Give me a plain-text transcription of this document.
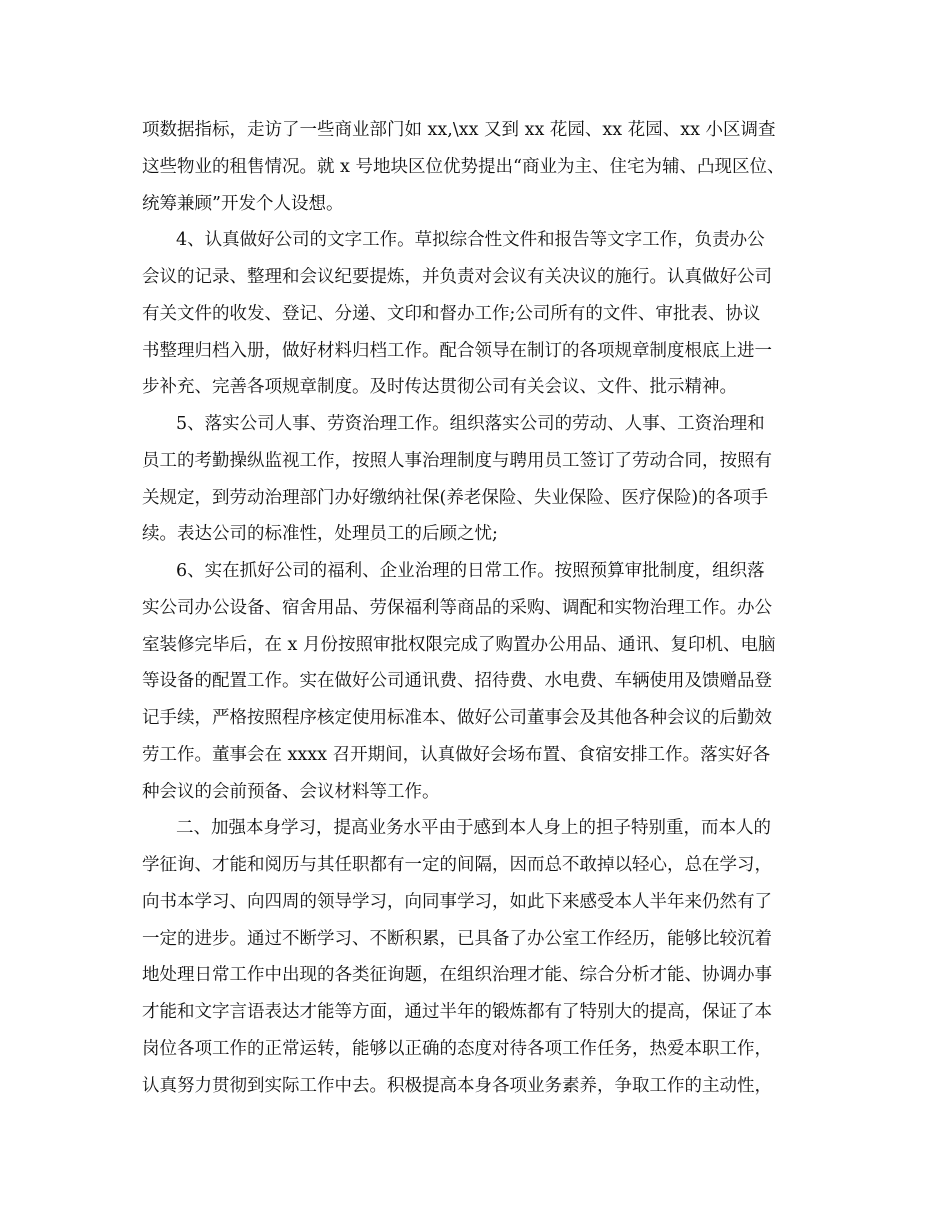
项数据指标，走访了一些商业部门如 xx,\xx 又到 xx 花园、xx 花园、xx 小区调查
这些物业的租售情况。就 x 号地块区位优势提出“商业为主、住宅为辅、凸现区位、
统筹兼顾”开发个人设想。
4、认真做好公司的文字工作。草拟综合性文件和报告等文字工作，负责办公
会议的记录、整理和会议纪要提炼，并负责对会议有关决议的施行。认真做好公司
有关文件的收发、登记、分递、文印和督办工作;公司所有的文件、审批表、协议
书整理归档入册，做好材料归档工作。配合领导在制订的各项规章制度根底上进一
步补充、完善各项规章制度。及时传达贯彻公司有关会议、文件、批示精神。
5、落实公司人事、劳资治理工作。组织落实公司的劳动、人事、工资治理和
员工的考勤操纵监视工作，按照人事治理制度与聘用员工签订了劳动合同，按照有
关规定，到劳动治理部门办好缴纳社保(养老保险、失业保险、医疗保险)的各项手
续。表达公司的标准性，处理员工的后顾之忧;
6、实在抓好公司的福利、企业治理的日常工作。按照预算审批制度，组织落
实公司办公设备、宿舍用品、劳保福利等商品的采购、调配和实物治理工作。办公
室装修完毕后，在 x 月份按照审批权限完成了购置办公用品、通讯、复印机、电脑
等设备的配置工作。实在做好公司通讯费、招待费、水电费、车辆使用及馈赠品登
记手续，严格按照程序核定使用标准本、做好公司董事会及其他各种会议的后勤效
劳工作。董事会在 xxxx 召开期间，认真做好会场布置、食宿安排工作。落实好各
种会议的会前预备、会议材料等工作。
二、加强本身学习，提高业务水平由于感到本人身上的担子特别重，而本人的
学征询、才能和阅历与其任职都有一定的间隔，因而总不敢掉以轻心，总在学习，
向书本学习、向四周的领导学习，向同事学习，如此下来感受本人半年来仍然有了
一定的进步。通过不断学习、不断积累，已具备了办公室工作经历，能够比较沉着
地处理日常工作中出现的各类征询题，在组织治理才能、综合分析才能、协调办事
才能和文字言语表达才能等方面，通过半年的锻炼都有了特别大的提高，保证了本
岗位各项工作的正常运转，能够以正确的态度对待各项工作任务，热爱本职工作，
认真努力贯彻到实际工作中去。积极提高本身各项业务素养，争取工作的主动性，
